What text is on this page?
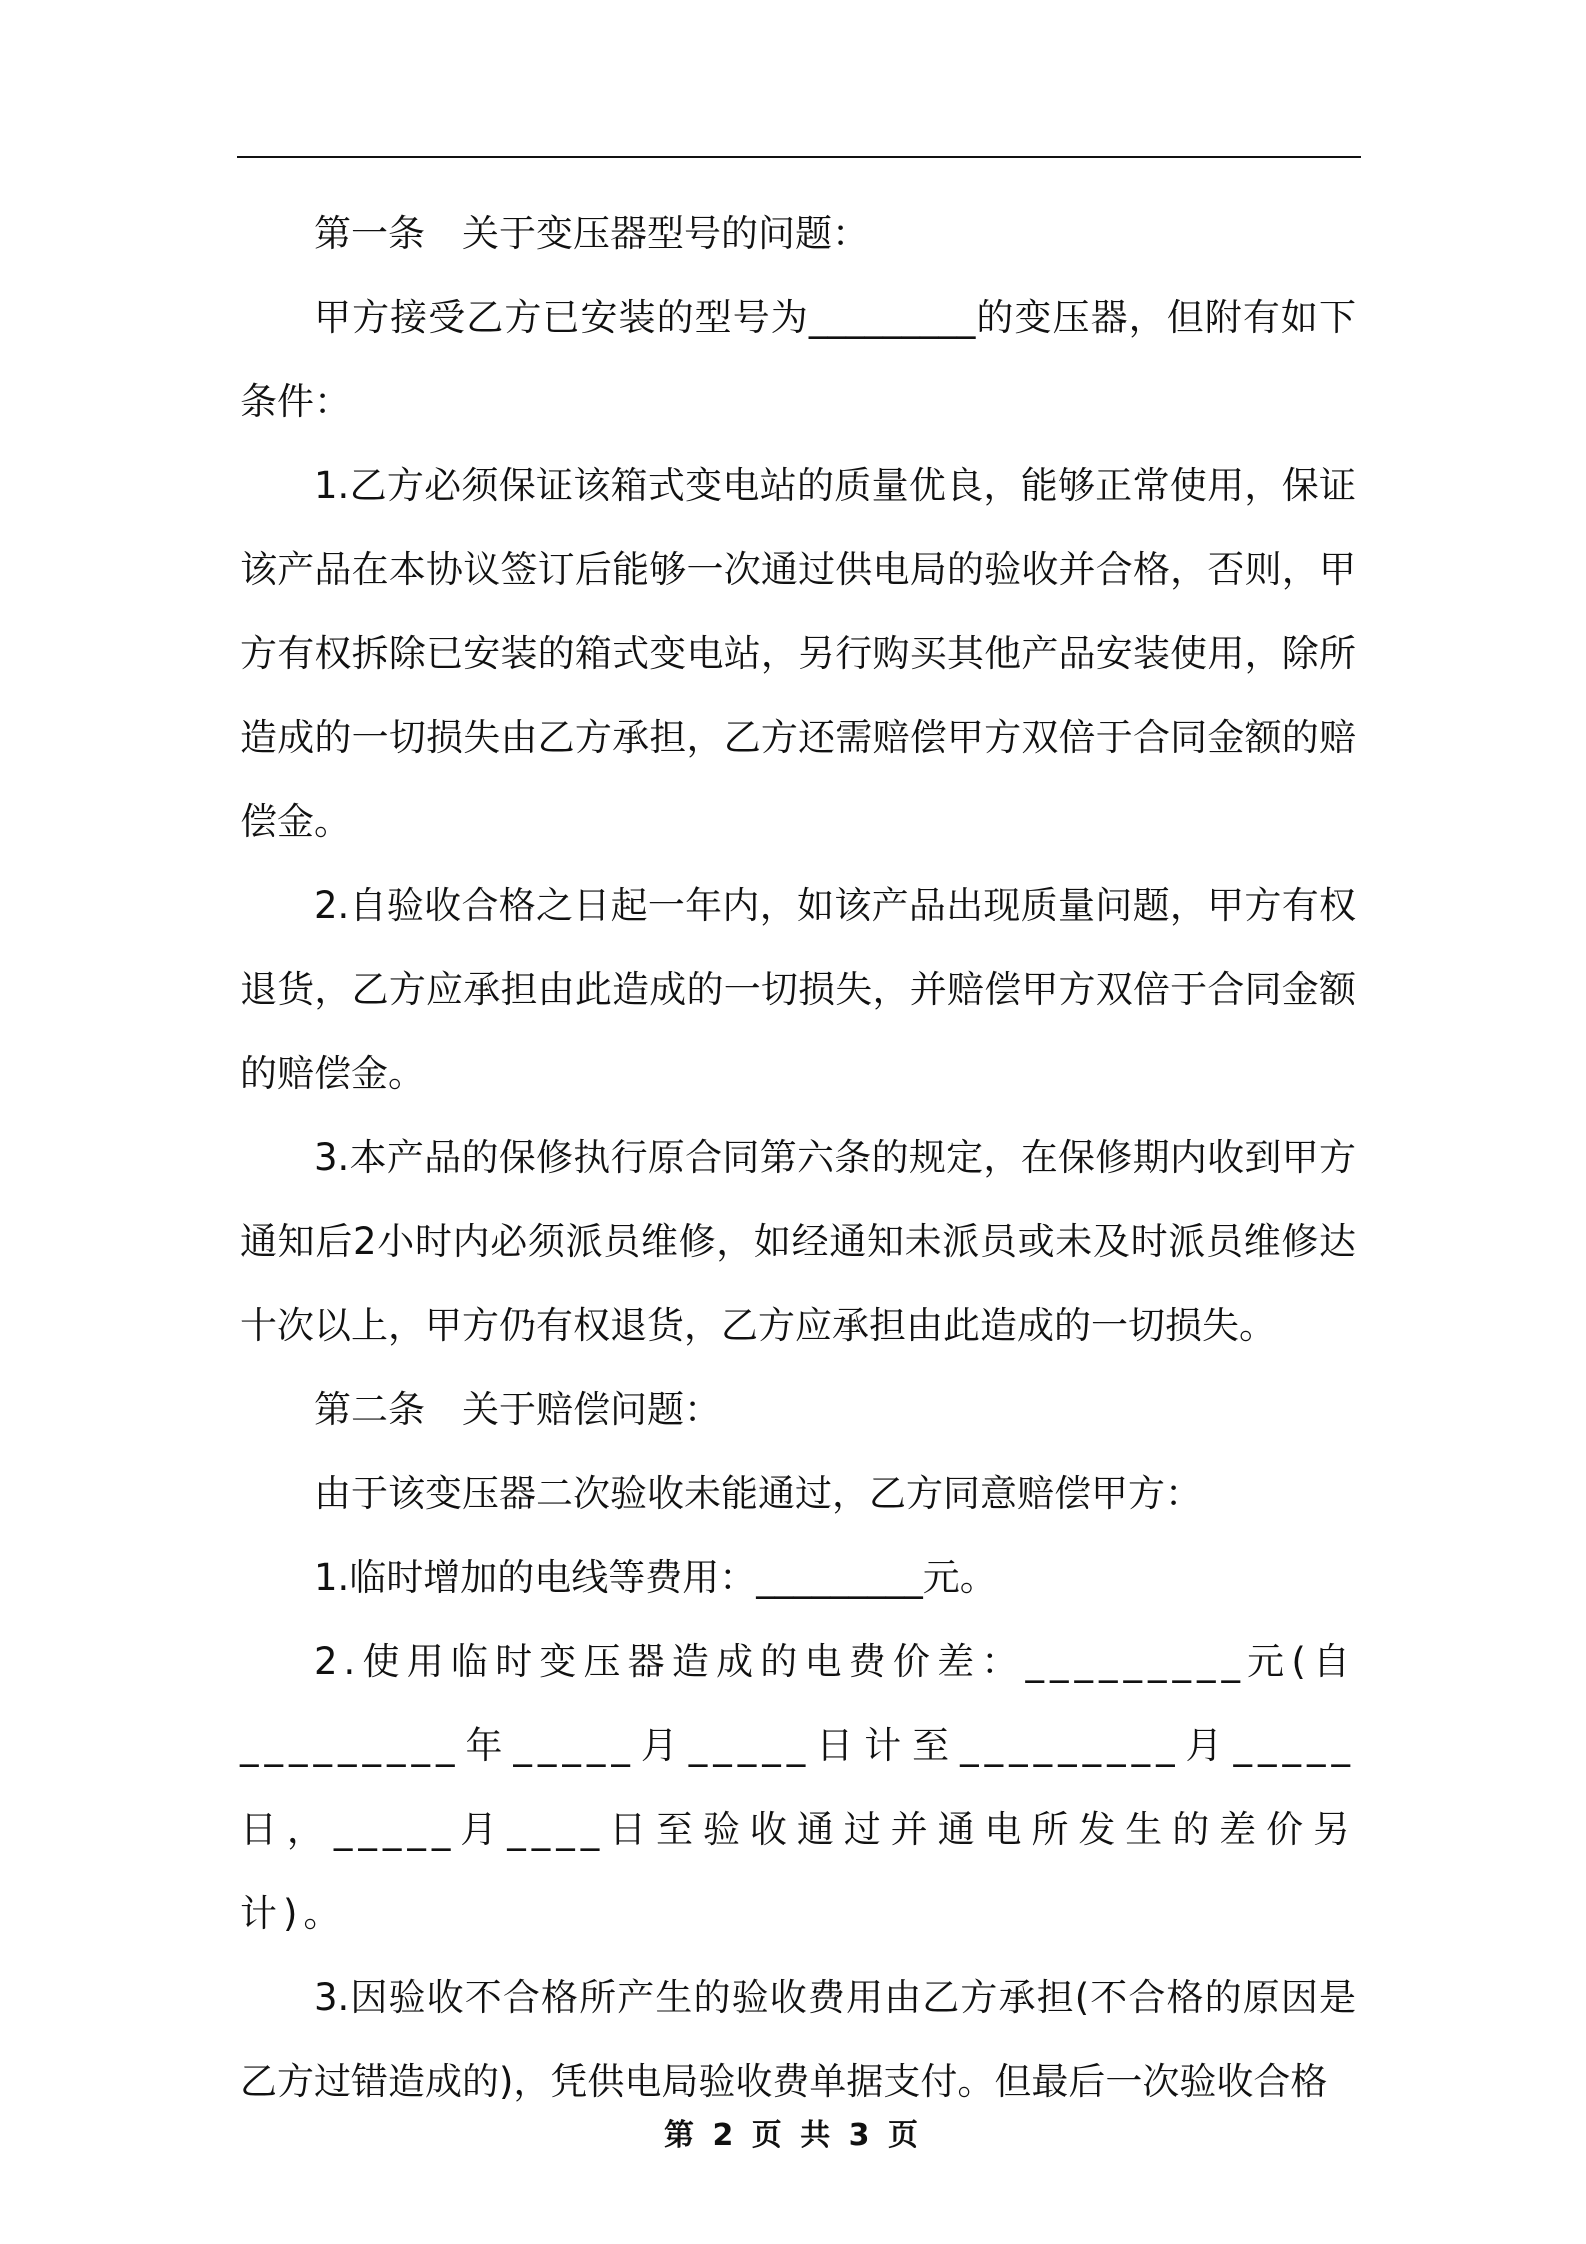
第一条　关于变压器型号的问题：

甲方接受乙方已安装的型号为_________的变压器，但附有如下条件：

1.乙方必须保证该箱式变电站的质量优良，能够正常使用，保证该产品在本协议签订后能够一次通过供电局的验收并合格，否则，甲方有权拆除已安装的箱式变电站，另行购买其他产品安装使用，除所造成的一切损失由乙方承担，乙方还需赔偿甲方双倍于合同金额的赔偿金。

2.自验收合格之日起一年内，如该产品出现质量问题，甲方有权退货，乙方应承担由此造成的一切损失，并赔偿甲方双倍于合同金额的赔偿金。

3.本产品的保修执行原合同第六条的规定，在保修期内收到甲方通知后2小时内必须派员维修，如经通知未派员或未及时派员维修达十次以上，甲方仍有权退货，乙方应承担由此造成的一切损失。

第二条　关于赔偿问题：

由于该变压器二次验收未能通过，乙方同意赔偿甲方：

1.临时增加的电线等费用：_________元。

2.使用临时变压器造成的电费价差：_________元(自_________年_____月_____日计至_________月_____日，_____月____日至验收通过并通电所发生的差价另计)。

3.因验收不合格所产生的验收费用由乙方承担(不合格的原因是乙方过错造成的)，凭供电局验收费单据支付。但最后一次验收合格

第 2 页 共 3 页
